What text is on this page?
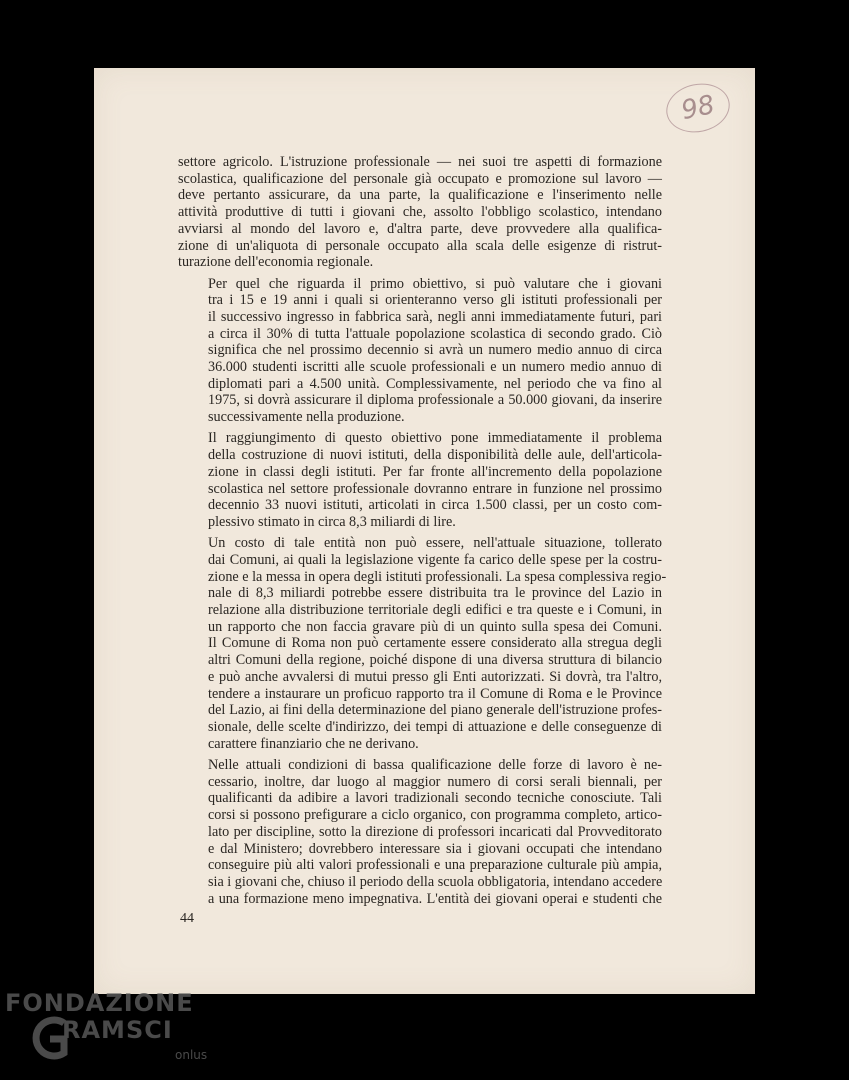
98

settore agricolo. L'istruzione professionale — nei suoi tre aspetti di formazione
scolastica, qualificazione del personale già occupato e promozione sul lavoro —
deve pertanto assicurare, da una parte, la qualificazione e l'inserimento nelle
attività produttive di tutti i giovani che, assolto l'obbligo scolastico, intendano
avviarsi al mondo del lavoro e, d'altra parte, deve provvedere alla qualifica-
zione di un'aliquota di personale occupato alla scala delle esigenze di ristrut-
turazione dell'economia regionale.

Per quel che riguarda il primo obiettivo, si può valutare che i giovani
tra i 15 e 19 anni i quali si orienteranno verso gli istituti professionali per
il successivo ingresso in fabbrica sarà, negli anni immediatamente futuri, pari
a circa il 30% di tutta l'attuale popolazione scolastica di secondo grado. Ciò
significa che nel prossimo decennio si avrà un numero medio annuo di circa
36.000 studenti iscritti alle scuole professionali e un numero medio annuo di
diplomati pari a 4.500 unità. Complessivamente, nel periodo che va fino al
1975, si dovrà assicurare il diploma professionale a 50.000 giovani, da inserire
successivamente nella produzione.

Il raggiungimento di questo obiettivo pone immediatamente il problema
della costruzione di nuovi istituti, della disponibilità delle aule, dell'articola-
zione in classi degli istituti. Per far fronte all'incremento della popolazione
scolastica nel settore professionale dovranno entrare in funzione nel prossimo
decennio 33 nuovi istituti, articolati in circa 1.500 classi, per un costo com-
plessivo stimato in circa 8,3 miliardi di lire.

Un costo di tale entità non può essere, nell'attuale situazione, tollerato
dai Comuni, ai quali la legislazione vigente fa carico delle spese per la costru-
zione e la messa in opera degli istituti professionali. La spesa complessiva regio-
nale di 8,3 miliardi potrebbe essere distribuita tra le province del Lazio in
relazione alla distribuzione territoriale degli edifici e tra queste e i Comuni, in
un rapporto che non faccia gravare più di un quinto sulla spesa dei Comuni.
Il Comune di Roma non può certamente essere considerato alla stregua degli
altri Comuni della regione, poiché dispone di una diversa struttura di bilancio
e può anche avvalersi di mutui presso gli Enti autorizzati. Si dovrà, tra l'altro,
tendere a instaurare un proficuo rapporto tra il Comune di Roma e le Province
del Lazio, ai fini della determinazione del piano generale dell'istruzione profes-
sionale, delle scelte d'indirizzo, dei tempi di attuazione e delle conseguenze di
carattere finanziario che ne derivano.

Nelle attuali condizioni di bassa qualificazione delle forze di lavoro è ne-
cessario, inoltre, dar luogo al maggior numero di corsi serali biennali, per
qualificanti da adibire a lavori tradizionali secondo tecniche conosciute. Tali
corsi si possono prefigurare a ciclo organico, con programma completo, artico-
lato per discipline, sotto la direzione di professori incaricati dal Provveditorato
e dal Ministero; dovrebbero interessare sia i giovani occupati che intendano
conseguire più alti valori professionali e una preparazione culturale più ampia,
sia i giovani che, chiuso il periodo della scuola obbligatoria, intendano accedere
a una formazione meno impegnativa. L'entità dei giovani operai e studenti che

44
FONDAZIONE
RAMSCI
onlus
